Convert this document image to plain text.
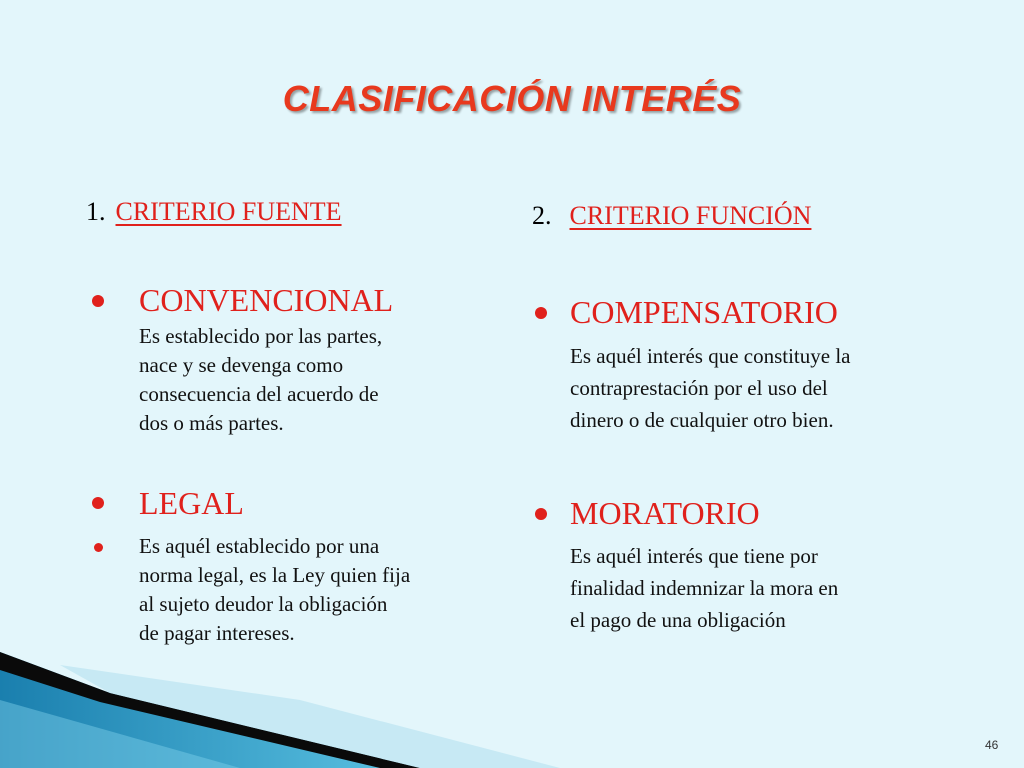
CLASIFICACIÓN INTERÉS
1. CRITERIO FUENTE
CONVENCIONAL
Es establecido por las partes,
nace y se devenga como
consecuencia del acuerdo de
dos o más partes.
LEGAL
Es aquél establecido por una
norma legal, es la Ley quien fija
al sujeto deudor la obligación
de pagar intereses.
2. CRITERIO FUNCIÓN
COMPENSATORIO
Es aquél interés que constituye la
contraprestación por el uso del
dinero o de cualquier otro bien.
MORATORIO
Es aquél interés que tiene por
finalidad indemnizar la mora en
el pago de una obligación
46
